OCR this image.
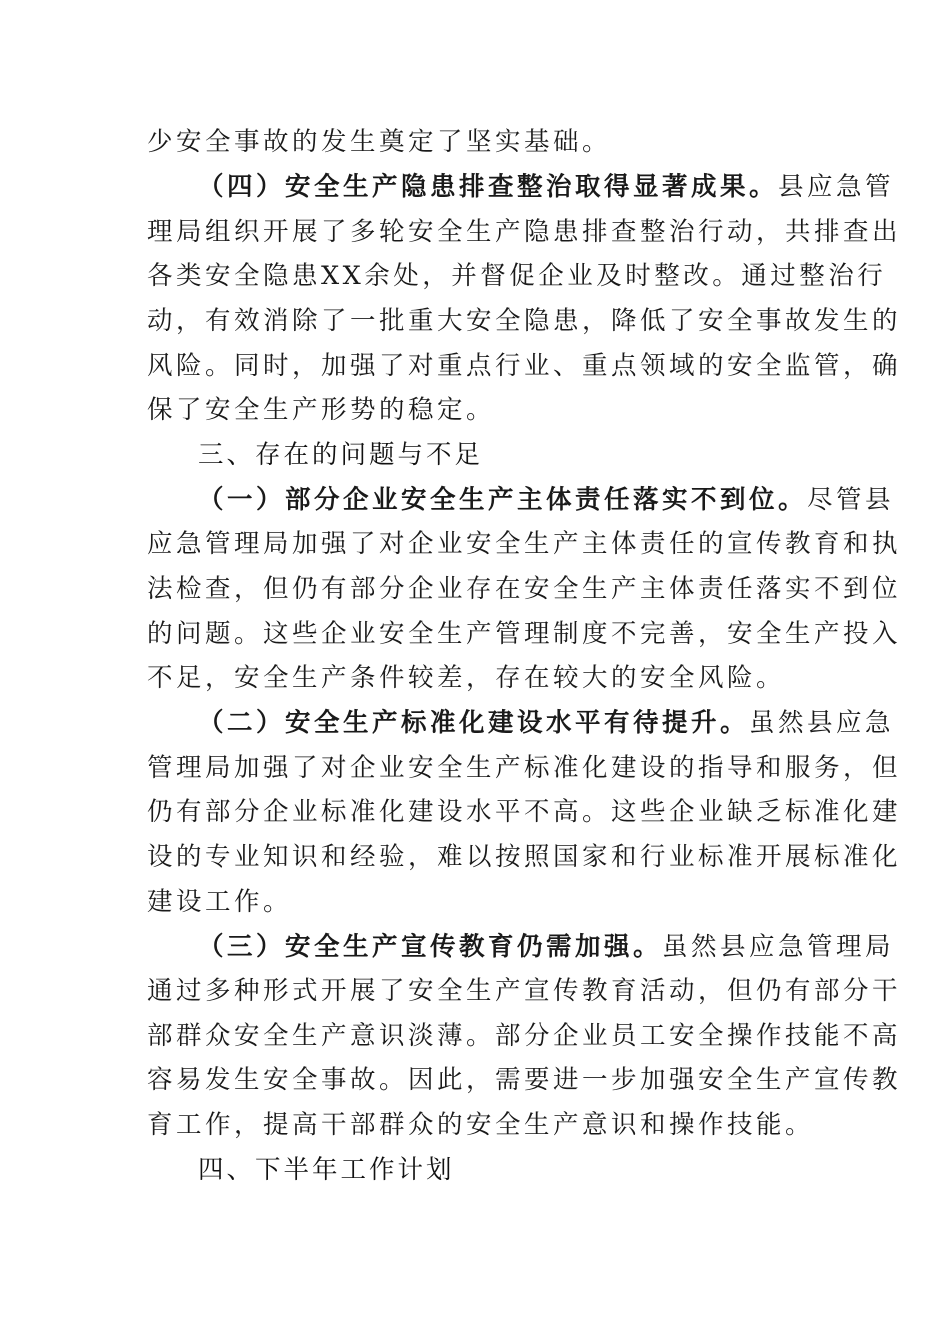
少安全事故的发生奠定了坚实基础。
（四）安全生产隐患排查整治取得显著成果。县应急管
理局组织开展了多轮安全生产隐患排查整治行动，共排查出
各类安全隐患XX余处，并督促企业及时整改。通过整治行
动，有效消除了一批重大安全隐患，降低了安全事故发生的
风险。同时，加强了对重点行业、重点领域的安全监管，确
保了安全生产形势的稳定。
三、存在的问题与不足
（一）部分企业安全生产主体责任落实不到位。尽管县
应急管理局加强了对企业安全生产主体责任的宣传教育和执
法检查，但仍有部分企业存在安全生产主体责任落实不到位
的问题。这些企业安全生产管理制度不完善，安全生产投入
不足，安全生产条件较差，存在较大的安全风险。
（二）安全生产标准化建设水平有待提升。虽然县应急
管理局加强了对企业安全生产标准化建设的指导和服务，但
仍有部分企业标准化建设水平不高。这些企业缺乏标准化建
设的专业知识和经验，难以按照国家和行业标准开展标准化
建设工作。
（三）安全生产宣传教育仍需加强。虽然县应急管理局
通过多种形式开展了安全生产宣传教育活动，但仍有部分干
部群众安全生产意识淡薄。部分企业员工安全操作技能不高
容易发生安全事故。因此，需要进一步加强安全生产宣传教
育工作，提高干部群众的安全生产意识和操作技能。
四、下半年工作计划
